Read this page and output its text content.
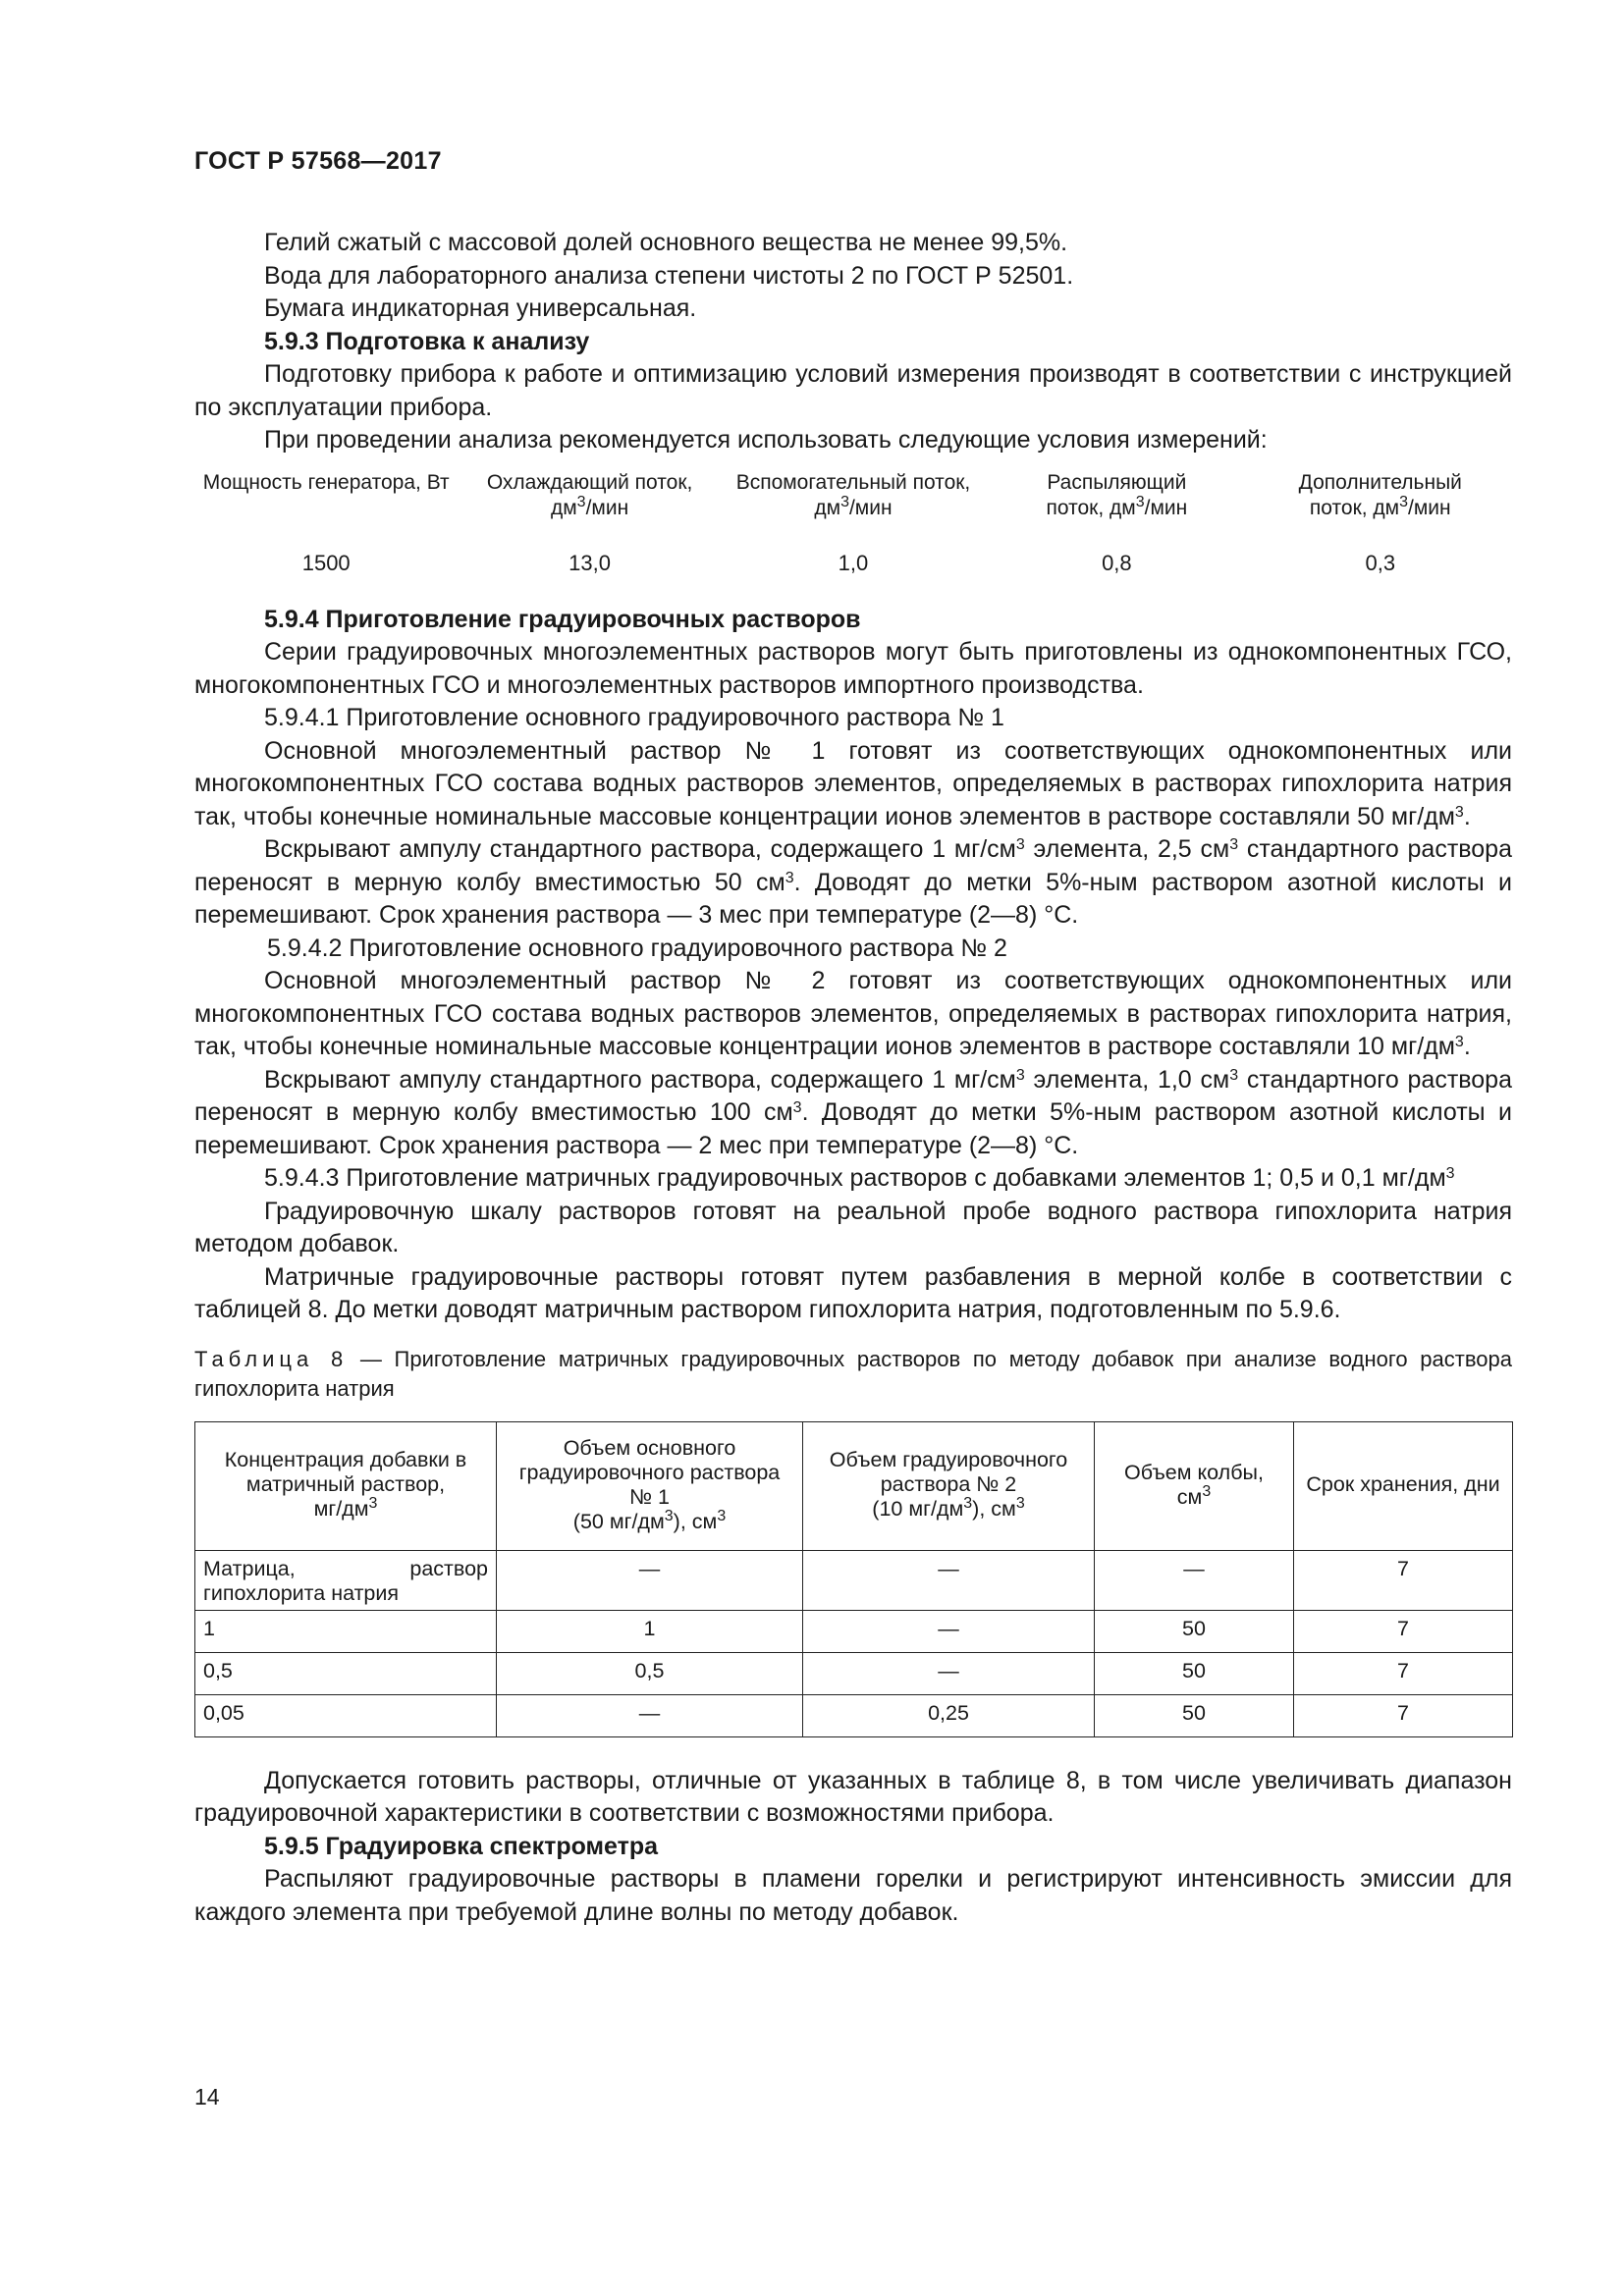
ГОСТ Р 57568—2017

Гелий сжатый с массовой долей основного вещества не менее 99,5%.

Вода для лабораторного анализа степени чистоты 2 по ГОСТ Р 52501.

Бумага индикаторная универсальная.

5.9.3 Подготовка к анализу

Подготовку прибора к работе и оптимизацию условий измерения производят в соответствии с инструкцией по эксплуатации прибора.

При проведении анализа рекомендуется использовать следующие условия измерений:

Мощность генератора, Вт	Охлаждающий поток,
$дм^3$/мин	Вспомогательный поток,
$дм^3$/мин	Распыляющий
поток, $дм^3$/мин	Дополнительный
поток, $дм^3$/мин
1500	13,0	1,0	0,8	0,3

5.9.4 Приготовление градуировочных растворов

Серии градуировочных многоэлементных растворов могут быть приготовлены из однокомпонентных ГСО, многокомпонентных ГСО и многоэлементных растворов импортного производства.

5.9.4.1 Приготовление основного градуировочного раствора № 1

Основной многоэлементный раствор № 1 готовят из соответствующих однокомпонентных или многокомпонентных ГСО состава водных растворов элементов, определяемых в растворах гипохлорита натрия так, чтобы конечные номинальные массовые концентрации ионов элементов в растворе составляли 50 $мг/дм^3$.

Вскрывают ампулу стандартного раствора, содержащего 1 $мг/см^3$ элемента, 2,5 $см^3$ стандартного раствора переносят в мерную колбу вместимостью 50 $см^3$. Доводят до метки 5%-ным раствором азотной кислоты и перемешивают. Срок хранения раствора — 3 мес при температуре (2—8) °C.

5.9.4.2 Приготовление основного градуировочного раствора № 2

Основной многоэлементный раствор № 2 готовят из соответствующих однокомпонентных или многокомпонентных ГСО состава водных растворов элементов, определяемых в растворах гипохлорита натрия, так, чтобы конечные номинальные массовые концентрации ионов элементов в растворе составляли 10 $мг/дм^3$.

Вскрывают ампулу стандартного раствора, содержащего 1 $мг/см^3$ элемента, 1,0 $см^3$ стандартного раствора переносят в мерную колбу вместимостью 100 $см^3$. Доводят до метки 5%-ным раствором азотной кислоты и перемешивают. Срок хранения раствора — 2 мес при температуре (2—8) °C.

5.9.4.3 Приготовление матричных градуировочных растворов с добавками элементов 1; 0,5 и 0,1 $мг/дм^3$

Градуировочную шкалу растворов готовят на реальной пробе водного раствора гипохлорита натрия методом добавок.

Матричные градуировочные растворы готовят путем разбавления в мерной колбе в соответствии с таблицей 8. До метки доводят матричным раствором гипохлорита натрия, подготовленным по 5.9.6.

Таблица 8 — Приготовление матричных градуировочных растворов по методу добавок при анализе водного раствора гипохлорита натрия
Концентрация добавки в матричный раствор,
$мг/дм^3$	Объем основного градуировочного раствора № 1
(50 $мг/дм^3$), $см^3$	Объем градуировочного раствора № 2
(10 $мг/дм^3$), $см^3$	Объем колбы,
$см^3$	Срок хранения, дни
Матрица, раствор гипохлорита натрия	—	—	—	7
1	1	—	50	7
0,5	0,5	—	50	7
0,05	—	0,25	50	7

Допускается готовить растворы, отличные от указанных в таблице 8, в том числе увеличивать диапазон градуировочной характеристики в соответствии с возможностями прибора.

5.9.5 Градуировка спектрометра

Распыляют градуировочные растворы в пламени горелки и регистрируют интенсивность эмиссии для каждого элемента при требуемой длине волны по методу добавок.

14
